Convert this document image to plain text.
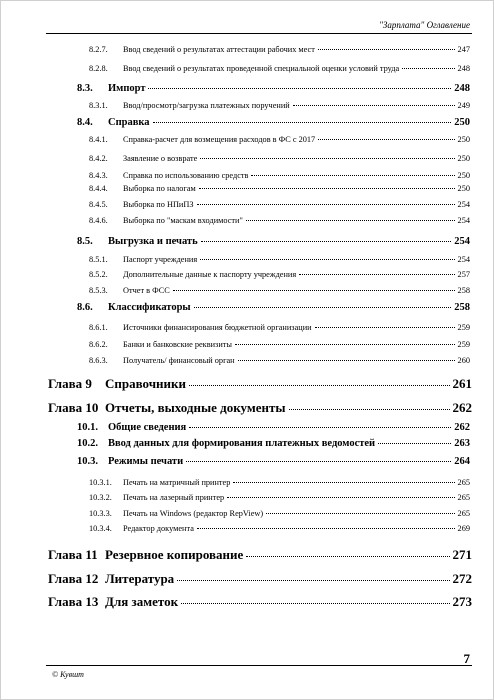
"Зарплата" Оглавление
8.2.7.	Ввод сведений о результатах аттестации рабочих мест	247
8.2.8.	Ввод сведений о результатах проведенной специальной оценки условий труда	248
8.3.	Импорт	248
8.3.1.	Ввод/просмотр/загрузка платежных поручений	249
8.4.	Справка	250
8.4.1.	Справка-расчет для возмещения расходов в ФС с 2017	250
8.4.2.	Заявление о возврате	250
8.4.3.	Справка по использованию средств	250
8.4.4.	Выборка по налогам	250
8.4.5.	Выборка по НПиПЗ	254
8.4.6.	Выборка по "маскам входимости"	254
8.5.	Выгрузка и печать	254
8.5.1.	Паспорт учреждения	254
8.5.2.	Дополнительные данные к паспорту учреждения	257
8.5.3.	Отчет в ФСС	258
8.6.	Классификаторы	258
8.6.1.	Источники финансирования бюджетной организации	259
8.6.2.	Банки и банковские реквизиты	259
8.6.3.	Получатель/ финансовый орган	260
Глава 9	Справочники	261
Глава 10 Отчеты, выходные документы	262
10.1. Общие сведения	262
10.2. Ввод данных для формирования платежных ведомостей	263
10.3. Режимы печати	264
10.3.1.	Печать на матричный принтер	265
10.3.2.	Печать на лазерный принтер	265
10.3.3.	Печать на Windows (редактор RepView)	265
10.3.4.	Редактор документа	269
Глава 11 Резервное копирование	271
Глава 12 Литература	272
Глава 13 Для заметок	273
© Кувшт
7
